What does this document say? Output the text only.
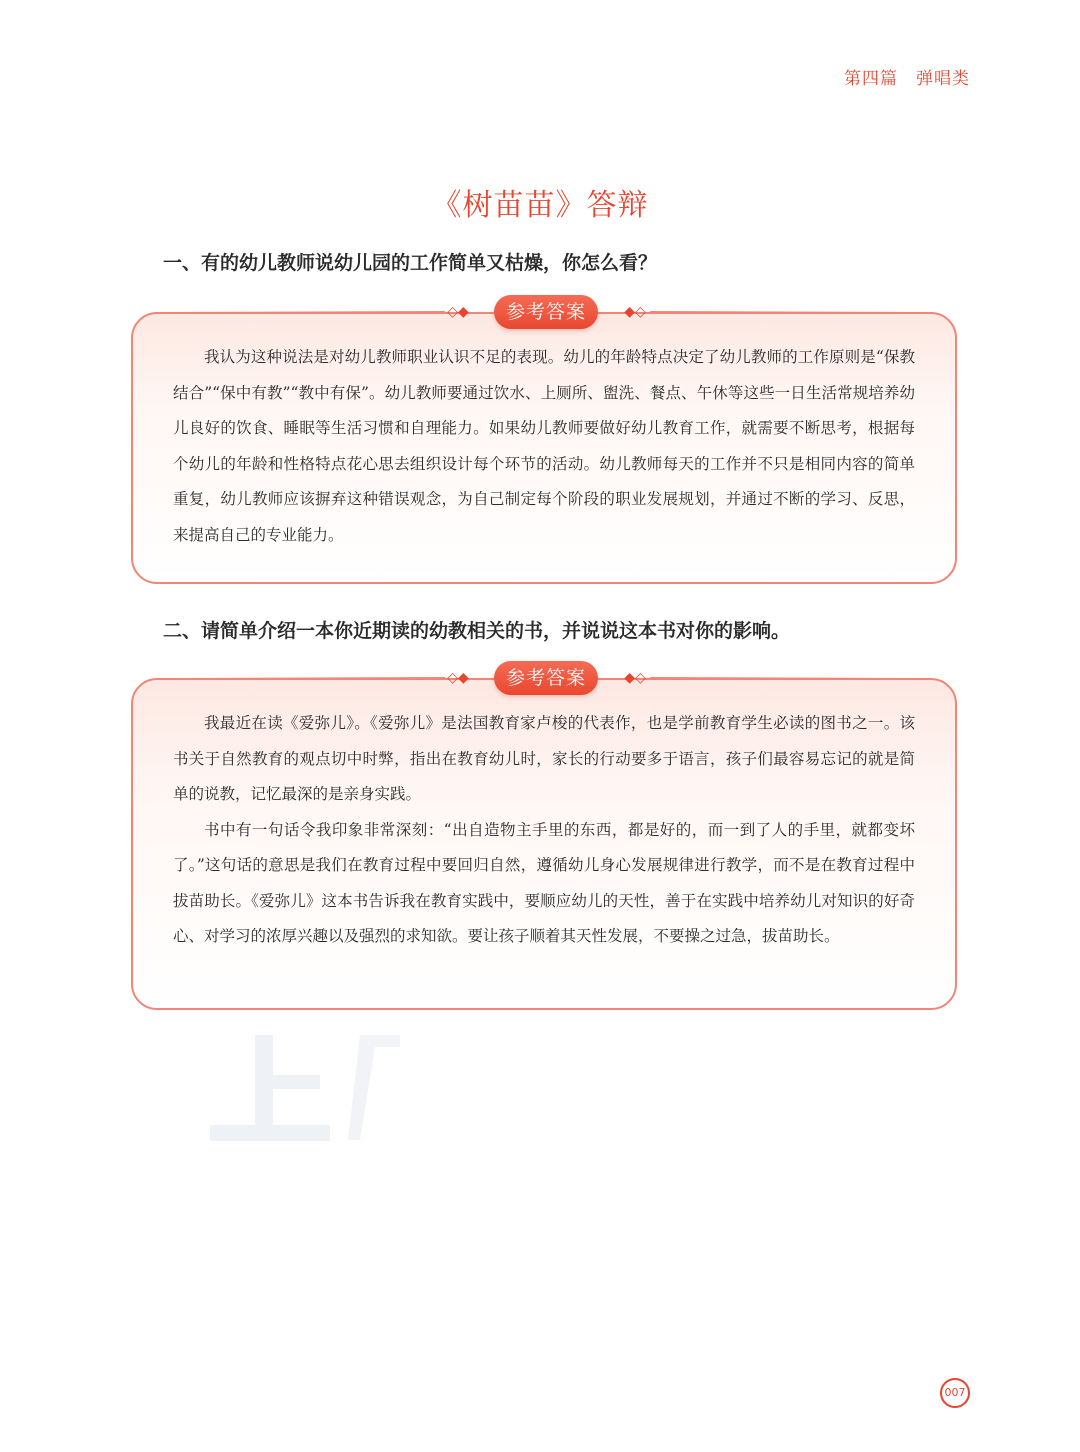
第四篇 弹唱类
《树苗苗》答辩
一、有的幼儿教师说幼儿园的工作简单又枯燥，你怎么看？

我认为这种说法是对幼儿教师职业认识不足的表现。幼儿的年龄特点决定了幼儿教师的工作原则是“保教结合”“保中有教”“教中有保”。幼儿教师要通过饮水、上厕所、盥洗、餐点、午休等这些一日生活常规培养幼儿良好的饮食、睡眠等生活习惯和自理能力。如果幼儿教师要做好幼儿教育工作，就需要不断思考，根据每个幼儿的年龄和性格特点花心思去组织设计每个环节的活动。幼儿教师每天的工作并不只是相同内容的简单重复，幼儿教师应该摒弃这种错误观念，为自己制定每个阶段的职业发展规划，并通过不断的学习、反思，来提高自己的专业能力。

◇◆	参考答案	◆◇
二、请简单介绍一本你近期读的幼教相关的书，并说说这本书对你的影响。

我最近在读《爱弥儿》。《爱弥儿》是法国教育家卢梭的代表作，也是学前教育学生必读的图书之一。该书关于自然教育的观点切中时弊，指出在教育幼儿时，家长的行动要多于语言，孩子们最容易忘记的就是简单的说教，记忆最深的是亲身实践。

书中有一句话令我印象非常深刻：“出自造物主手里的东西，都是好的，而一到了人的手里，就都变坏了。”这句话的意思是我们在教育过程中要回归自然，遵循幼儿身心发展规律进行教学，而不是在教育过程中拔苗助长。《爱弥儿》这本书告诉我在教育实践中，要顺应幼儿的天性，善于在实践中培养幼儿对知识的好奇心、对学习的浓厚兴趣以及强烈的求知欲。要让孩子顺着其天性发展，不要操之过急，拔苗助长。

◇◆	参考答案	◆◇
007
